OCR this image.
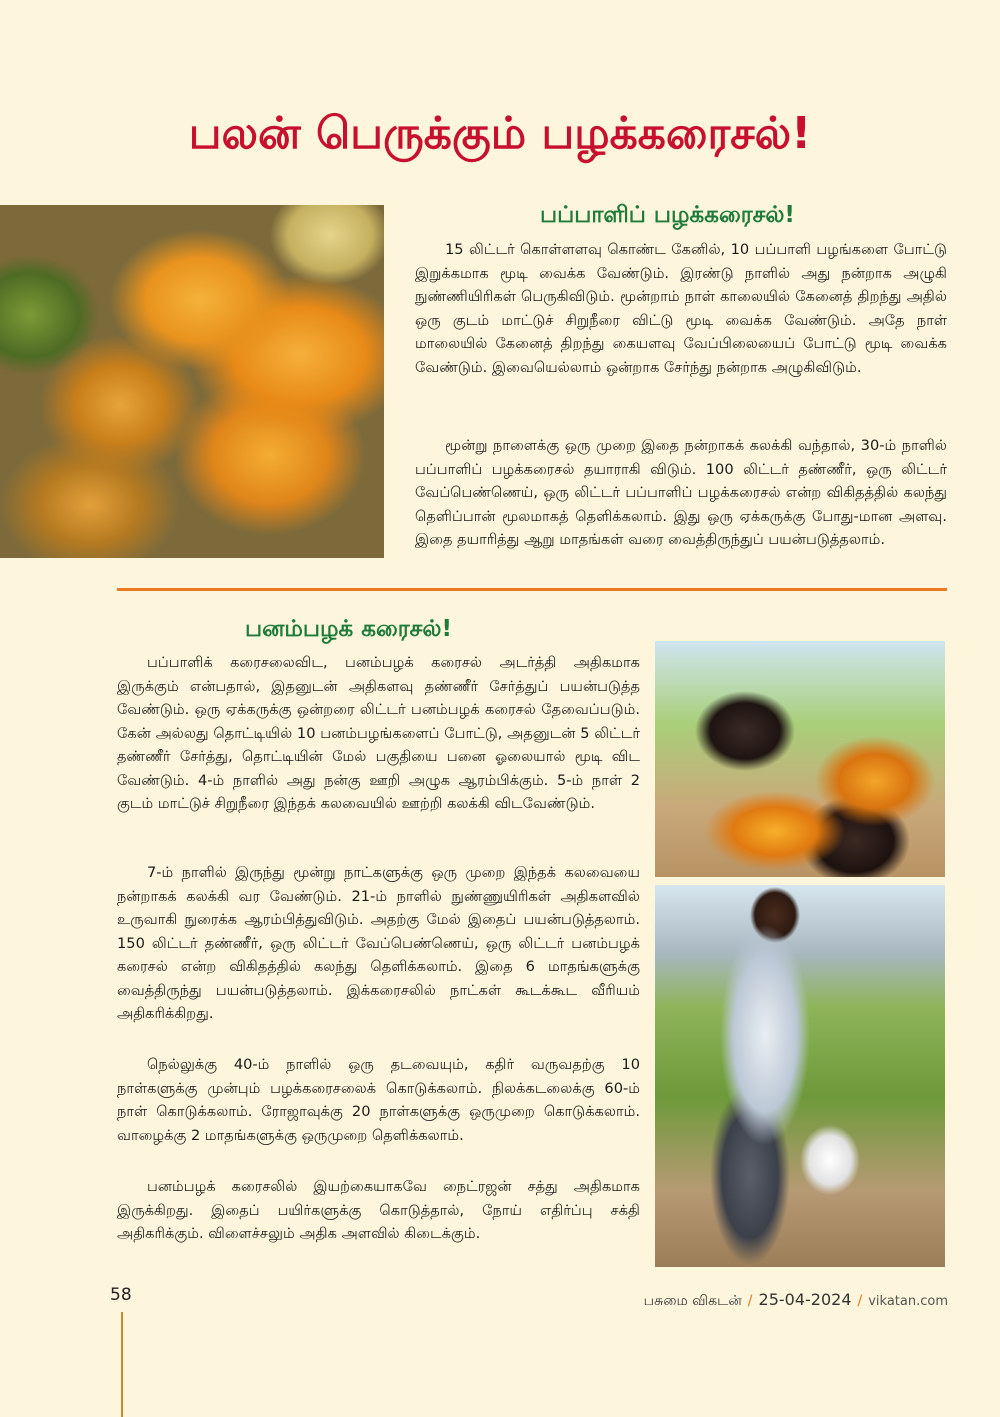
பலன் பெருக்கும் பழக்கரைசல்!
பப்பாளிப் பழக்கரைசல்!

15 லிட்டர் கொள்ளளவு கொண்ட கேனில், 10 பப்பாளி பழங்களை போட்டு இறுக்கமாக மூடி வைக்க வேண்டும். இரண்டு நாளில் அது நன்றாக அழுகி நுண்ணியிரிகள் பெருகிவிடும். மூன்றாம் நாள் காலையில் கேனைத் திறந்து அதில் ஒரு குடம் மாட்டுச் சிறுநீரை விட்டு மூடி வைக்க வேண்டும். அதே நாள் மாலையில் கேனைத் திறந்து கையளவு வேப்பிலையைப் போட்டு மூடி வைக்க வேண்டும். இவையெல்லாம் ஒன்றாக சேர்ந்து நன்றாக அழுகிவிடும்.

மூன்று நாளைக்கு ஒரு முறை இதை நன்றாகக் கலக்கி வந்தால், 30-ம் நாளில் பப்பாளிப் பழக்கரைசல் தயாராகி விடும். 100 லிட்டர் தண்ணீர், ஒரு லிட்டர் வேப்பெண்ணெய், ஒரு லிட்டர் பப்பாளிப் பழக்கரைசல் என்ற விகிதத்தில் கலந்து தெளிப்பான் மூலமாகத் தெளிக்கலாம். இது ஒரு ஏக்கருக்கு போது-மான அளவு. இதை தயாரித்து ஆறு மாதங்கள் வரை வைத்திருந்துப் பயன்படுத்தலாம்.

பனம்பழக் கரைசல்!

பப்பாளிக் கரைசலைவிட, பனம்பழக் கரைசல் அடர்த்தி அதிகமாக இருக்கும் என்பதால், இதனுடன் அதிகளவு தண்ணீர் சேர்த்துப் பயன்படுத்த வேண்டும். ஒரு ஏக்கருக்கு ஒன்றரை லிட்டர் பனம்பழக் கரைசல் தேவைப்படும். கேன் அல்லது தொட்டியில் 10 பனம்பழங்களைப் போட்டு, அதனுடன் 5 லிட்டர் தண்ணீர் சேர்த்து, தொட்டியின் மேல் பகுதியை பனை ஓலையால் மூடி விட வேண்டும். 4-ம் நாளில் அது நன்கு ஊறி அழுக ஆரம்பிக்கும். 5-ம் நாள் 2 குடம் மாட்டுச் சிறுநீரை இந்தக் கலவையில் ஊற்றி கலக்கி விடவேண்டும்.

7-ம் நாளில் இருந்து மூன்று நாட்களுக்கு ஒரு முறை இந்தக் கலவையை நன்றாகக் கலக்கி வர வேண்டும். 21-ம் நாளில் நுண்ணுயிரிகள் அதிகளவில் உருவாகி நுரைக்க ஆரம்பித்துவிடும். அதற்கு மேல் இதைப் பயன்படுத்தலாம். 150 லிட்டர் தண்ணீர், ஒரு லிட்டர் வேப்பெண்ணெய், ஒரு லிட்டர் பனம்பழக் கரைசல் என்ற விகிதத்தில் கலந்து தெளிக்கலாம். இதை 6 மாதங்களுக்கு வைத்திருந்து பயன்படுத்தலாம். இக்கரைசலில் நாட்கள் கூடக்கூட வீரியம் அதிகரிக்கிறது.

நெல்லுக்கு 40-ம் நாளில் ஒரு தடவையும், கதிர் வருவதற்கு 10 நாள்களுக்கு முன்பும் பழக்கரைசலைக் கொடுக்கலாம். நிலக்கடலைக்கு 60-ம் நாள் கொடுக்கலாம். ரோஜாவுக்கு 20 நாள்களுக்கு ஒருமுறை கொடுக்கலாம். வாழைக்கு 2 மாதங்களுக்கு ஒருமுறை தெளிக்கலாம்.

பனம்பழக் கரைசலில் இயற்கையாகவே நைட்ரஜன் சத்து அதிகமாக இருக்கிறது. இதைப் பயிர்களுக்கு கொடுத்தால், நோய் எதிர்ப்பு சக்தி அதிகரிக்கும். விளைச்சலும் அதிக அளவில் கிடைக்கும்.

58	பசுமை விகடன் / 25-04-2024 / vikatan.com
